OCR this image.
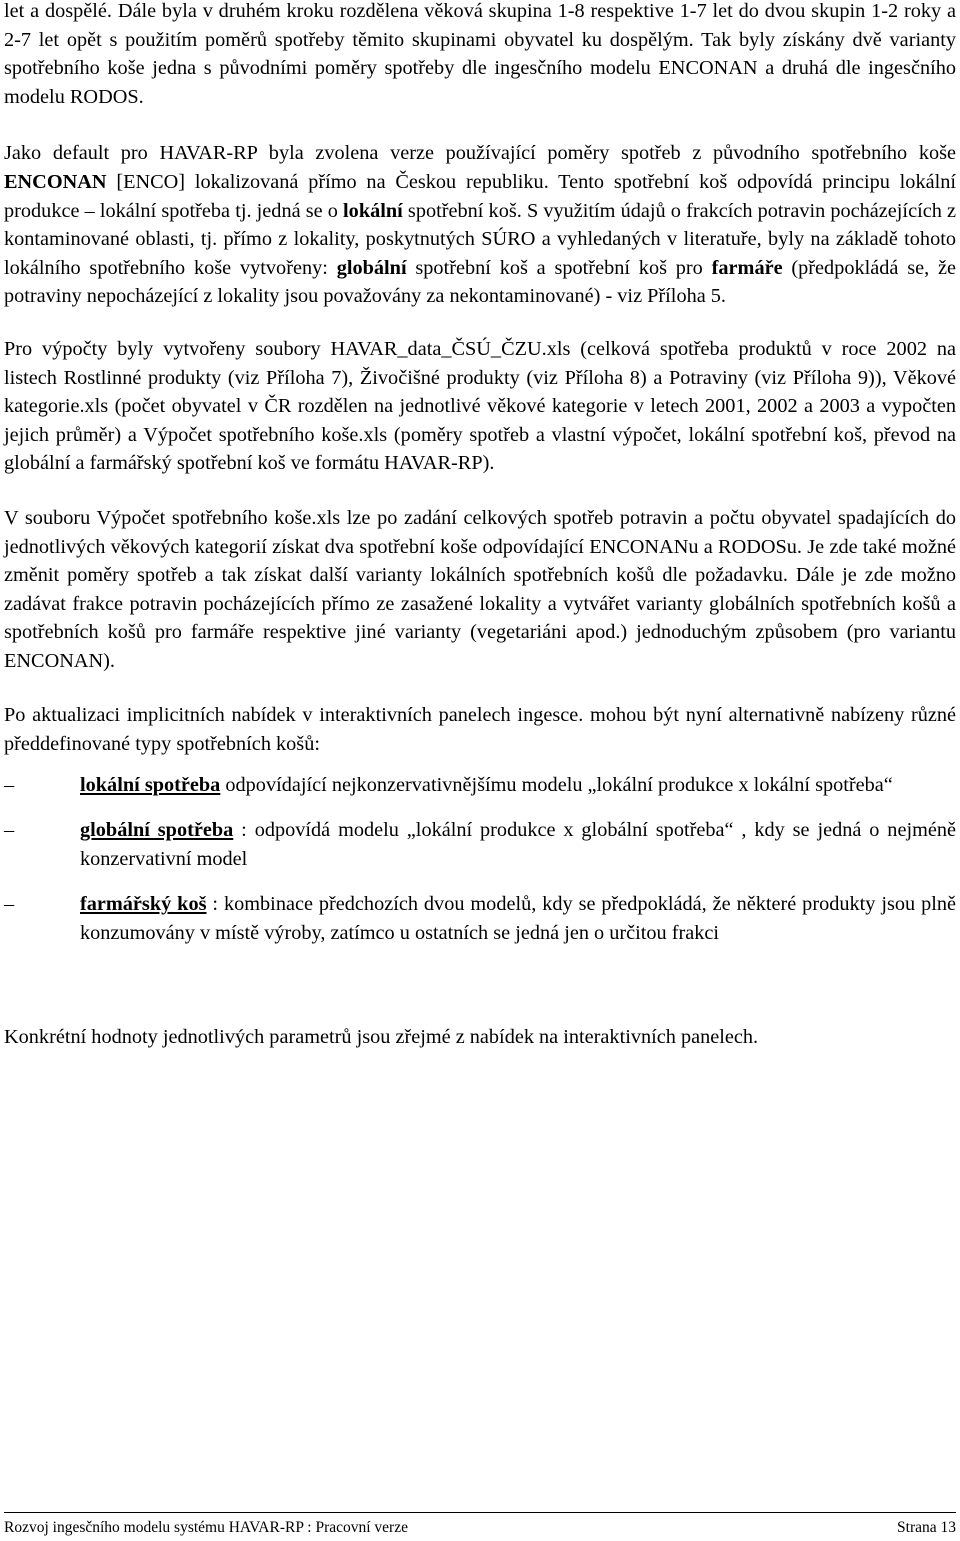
let a dospělé. Dále byla v druhém kroku rozdělena věková skupina 1-8 respektive 1-7 let do dvou skupin 1-2 roky a 2-7 let opět s použitím poměrů spotřeby těmito skupinami obyvatel ku dospělým. Tak byly získány dvě varianty spotřebního koše jedna s původními poměry spotřeby dle ingesčního modelu ENCONAN a druhá dle ingesčního modelu RODOS.

Jako default pro HAVAR-RP byla zvolena verze používající poměry spotřeb z původního spotřebního koše ENCONAN [ENCO] lokalizovaná přímo na Českou republiku. Tento spotřební koš odpovídá principu lokální produkce – lokální spotřeba tj. jedná se o lokální spotřební koš. S využitím údajů o frakcích potravin pocházejících z kontaminované oblasti, tj. přímo z lokality, poskytnutých SÚRO a vyhledaných v literatuře, byly na základě tohoto lokálního spotřebního koše vytvořeny: globální spotřební koš a spotřební koš pro farmáře (předpokládá se, že potraviny nepocházející z lokality jsou považovány za nekontaminované) - viz Příloha 5.

Pro výpočty byly vytvořeny soubory HAVAR_data_ČSÚ_ČZU.xls (celková spotřeba produktů v roce 2002 na listech Rostlinné produkty (viz Příloha 7), Živočišné produkty (viz Příloha 8) a Potraviny (viz Příloha 9)), Věkové kategorie.xls (počet obyvatel v ČR rozdělen na jednotlivé věkové kategorie v letech 2001, 2002 a 2003 a vypočten jejich průměr) a Výpočet spotřebního koše.xls (poměry spotřeb a vlastní výpočet, lokální spotřební koš, převod na globální a farmářský spotřební koš ve formátu HAVAR-RP).

V souboru Výpočet spotřebního koše.xls lze po zadání celkových spotřeb potravin a počtu obyvatel spadajících do jednotlivých věkových kategorií získat dva spotřební koše odpovídající ENCONANu a RODOSu. Je zde také možné změnit poměry spotřeb a tak získat další varianty lokálních spotřebních košů dle požadavku. Dále je zde možno zadávat frakce potravin pocházejících přímo ze zasažené lokality a vytvářet varianty globálních spotřebních košů a spotřebních košů pro farmáře respektive jiné varianty (vegetariáni apod.) jednoduchým způsobem (pro variantu ENCONAN).

Po aktualizaci implicitních nabídek v interaktivních panelech ingesce. mohou být nyní alternativně nabízeny různé předdefinované typy spotřebních košů:

–	lokální spotřeba odpovídající nejkonzervativnějšímu modelu „lokální produkce x lokální spotřeba“
–	globální spotřeba : odpovídá modelu „lokální produkce x globální spotřeba“ , kdy se jedná o nejméně konzervativní model
–	farmářský koš : kombinace předchozích dvou modelů, kdy se předpokládá, že některé produkty jsou plně konzumovány v místě výroby, zatímco u ostatních se jedná jen o určitou frakci

Konkrétní hodnoty jednotlivých parametrů jsou zřejmé z nabídek na interaktivních panelech.

Rozvoj ingesčního modelu systému HAVAR-RP : Pracovní verze	Strana 13
